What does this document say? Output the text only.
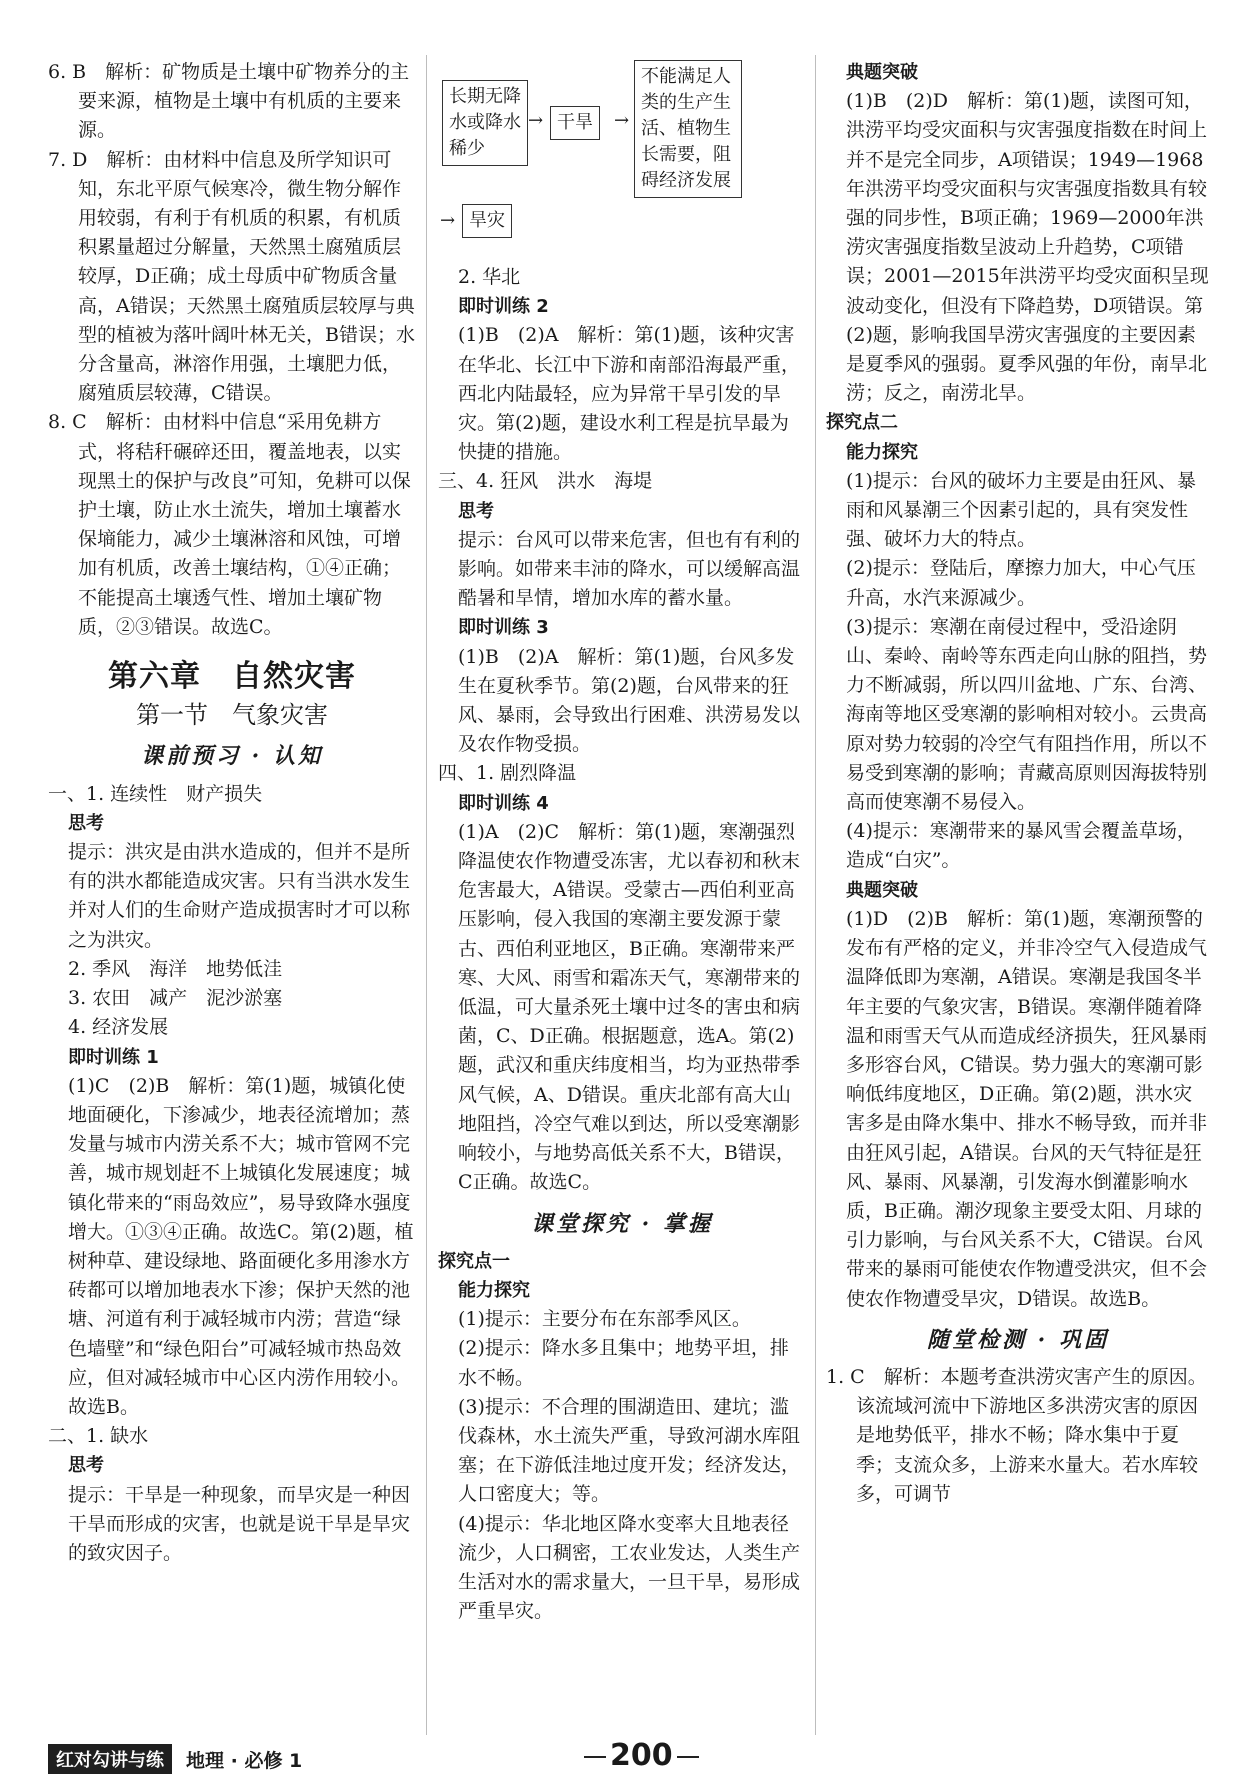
6. B　解析：矿物质是土壤中矿物养分的主要来源，植物是土壤中有机质的主要来源。

7. D　解析：由材料中信息及所学知识可知，东北平原气候寒冷，微生物分解作用较弱，有利于有机质的积累，有机质积累量超过分解量，天然黑土腐殖质层较厚，D正确；成土母质中矿物质含量高，A错误；天然黑土腐殖质层较厚与典型的植被为落叶阔叶林无关，B错误；水分含量高，淋溶作用强，土壤肥力低，腐殖质层较薄，C错误。

8. C　解析：由材料中信息“采用免耕方式，将秸秆碾碎还田，覆盖地表，以实现黑土的保护与改良”可知，免耕可以保护土壤，防止水土流失，增加土壤蓄水保墒能力，减少土壤淋溶和风蚀，可增加有机质，改善土壤结构，①④正确；不能提高土壤透气性、增加土壤矿物质，②③错误。故选C。

第六章　自然灾害
第一节　气象灾害
课前预习 · 认知

一、1. 连续性　财产损失

思考

提示：洪灾是由洪水造成的，但并不是所有的洪水都能造成灾害。只有当洪水发生并对人们的生命财产造成损害时才可以称之为洪灾。

2. 季风　海洋　地势低洼

3. 农田　减产　泥沙淤塞

4. 经济发展

即时训练 1

(1)C　(2)B　解析：第(1)题，城镇化使地面硬化，下渗减少，地表径流增加；蒸发量与城市内涝关系不大；城市管网不完善，城市规划赶不上城镇化发展速度；城镇化带来的“雨岛效应”，易导致降水强度增大。①③④正确。故选C。第(2)题，植树种草、建设绿地、路面硬化多用渗水方砖都可以增加地表水下渗；保护天然的池塘、河道有利于减轻城市内涝；营造“绿色墙壁”和“绿色阳台”可减轻城市热岛效应，但对减轻城市中心区内涝作用较小。故选B。

二、1. 缺水

思考

提示：干旱是一种现象，而旱灾是一种因干旱而形成的灾害，也就是说干旱是旱灾的致灾因子。

长期无降水或降水稀少
→ 干旱	→
不能满足人类的生产生活、植物生长需要，阻碍经济发展
→ 旱灾

2. 华北

即时训练 2

(1)B　(2)A　解析：第(1)题，该种灾害在华北、长江中下游和南部沿海最严重，西北内陆最轻，应为异常干旱引发的旱灾。第(2)题，建设水利工程是抗旱最为快捷的措施。

三、4. 狂风　洪水　海堤

思考

提示：台风可以带来危害，但也有有利的影响。如带来丰沛的降水，可以缓解高温酷暑和旱情，增加水库的蓄水量。

即时训练 3

(1)B　(2)A　解析：第(1)题，台风多发生在夏秋季节。第(2)题，台风带来的狂风、暴雨，会导致出行困难、洪涝易发以及农作物受损。

四、1. 剧烈降温

即时训练 4

(1)A　(2)C　解析：第(1)题，寒潮强烈降温使农作物遭受冻害，尤以春初和秋末危害最大，A错误。受蒙古—西伯利亚高压影响，侵入我国的寒潮主要发源于蒙古、西伯利亚地区，B正确。寒潮带来严寒、大风、雨雪和霜冻天气，寒潮带来的低温，可大量杀死土壤中过冬的害虫和病菌，C、D正确。根据题意，选A。第(2)题，武汉和重庆纬度相当，均为亚热带季风气候，A、D错误。重庆北部有高大山地阻挡，冷空气难以到达，所以受寒潮影响较小，与地势高低关系不大，B错误，C正确。故选C。

课堂探究 · 掌握

探究点一

能力探究

(1)提示：主要分布在东部季风区。

(2)提示：降水多且集中；地势平坦，排水不畅。

(3)提示：不合理的围湖造田、建坑；滥伐森林，水土流失严重，导致河湖水库阻塞；在下游低洼地过度开发；经济发达，人口密度大；等。

(4)提示：华北地区降水变率大且地表径流少，人口稠密，工农业发达，人类生产生活对水的需求量大，一旦干旱，易形成严重旱灾。

典题突破

(1)B　(2)D　解析：第(1)题，读图可知，洪涝平均受灾面积与灾害强度指数在时间上并不是完全同步，A项错误；1949—1968年洪涝平均受灾面积与灾害强度指数具有较强的同步性，B项正确；1969—2000年洪涝灾害强度指数呈波动上升趋势，C项错误；2001—2015年洪涝平均受灾面积呈现波动变化，但没有下降趋势，D项错误。第(2)题，影响我国旱涝灾害强度的主要因素是夏季风的强弱。夏季风强的年份，南旱北涝；反之，南涝北旱。

探究点二

能力探究

(1)提示：台风的破坏力主要是由狂风、暴雨和风暴潮三个因素引起的，具有突发性强、破坏力大的特点。

(2)提示：登陆后，摩擦力加大，中心气压升高，水汽来源减少。

(3)提示：寒潮在南侵过程中，受沿途阴山、秦岭、南岭等东西走向山脉的阻挡，势力不断减弱，所以四川盆地、广东、台湾、海南等地区受寒潮的影响相对较小。云贵高原对势力较弱的冷空气有阻挡作用，所以不易受到寒潮的影响；青藏高原则因海拔特别高而使寒潮不易侵入。

(4)提示：寒潮带来的暴风雪会覆盖草场，造成“白灾”。

典题突破

(1)D　(2)B　解析：第(1)题，寒潮预警的发布有严格的定义，并非冷空气入侵造成气温降低即为寒潮，A错误。寒潮是我国冬半年主要的气象灾害，B错误。寒潮伴随着降温和雨雪天气从而造成经济损失，狂风暴雨多形容台风，C错误。势力强大的寒潮可影响低纬度地区，D正确。第(2)题，洪水灾害多是由降水集中、排水不畅导致，而并非由狂风引起，A错误。台风的天气特征是狂风、暴雨、风暴潮，引发海水倒灌影响水质，B正确。潮汐现象主要受太阳、月球的引力影响，与台风关系不大，C错误。台风带来的暴雨可能使农作物遭受洪灾，但不会使农作物遭受旱灾，D错误。故选B。

随堂检测 · 巩固

1. C　解析：本题考查洪涝灾害产生的原因。该流域河流中下游地区多洪涝灾害的原因是地势低平，排水不畅；降水集中于夏季；支流众多，上游来水量大。若水库较多，可调节

红对勾讲与练	地理 · 必修 1	200
